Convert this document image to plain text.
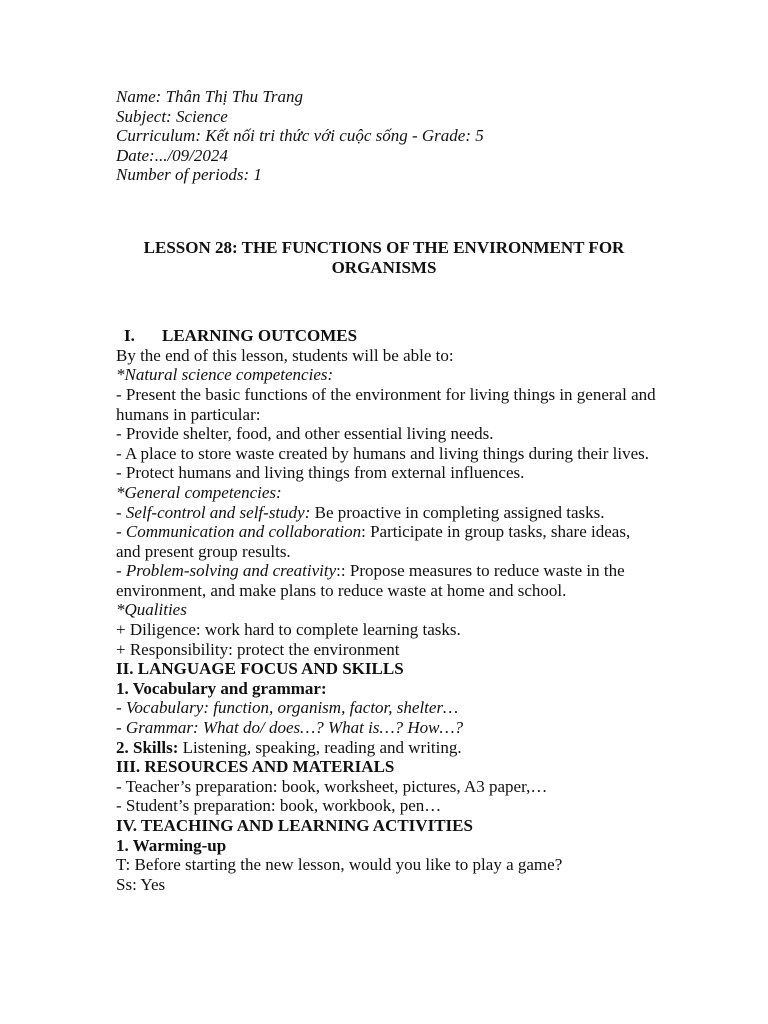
Name: Thân Thị Thu Trang
Subject: Science
Curriculum: Kết nối tri thức với cuộc sống - Grade: 5
Date:.../09/2024
Number of periods: 1
LESSON 28: THE FUNCTIONS OF THE ENVIRONMENT FOR ORGANISMS
I. LEARNING OUTCOMES
By the end of this lesson, students will be able to:
*Natural science competencies:
- Present the basic functions of the environment for living things in general and humans in particular:
- Provide shelter, food, and other essential living needs.
- A place to store waste created by humans and living things during their lives.
- Protect humans and living things from external influences.
*General competencies:
- Self-control and self-study: Be proactive in completing assigned tasks.
- Communication and collaboration: Participate in group tasks, share ideas, and present group results.
- Problem-solving and creativity:: Propose measures to reduce waste in the environment, and make plans to reduce waste at home and school.
*Qualities
+ Diligence: work hard to complete learning tasks.
+ Responsibility: protect the environment
II. LANGUAGE FOCUS AND SKILLS
1. Vocabulary and grammar:
- Vocabulary: function, organism, factor, shelter…
- Grammar: What do/ does…? What is…? How…?
2. Skills: Listening, speaking, reading and writing.
III. RESOURCES AND MATERIALS
- Teacher’s preparation: book, worksheet, pictures, A3 paper,…
- Student’s preparation: book, workbook, pen…
IV. TEACHING AND LEARNING ACTIVITIES
1. Warming-up
T: Before starting the new lesson, would you like to play a game?
Ss: Yes
